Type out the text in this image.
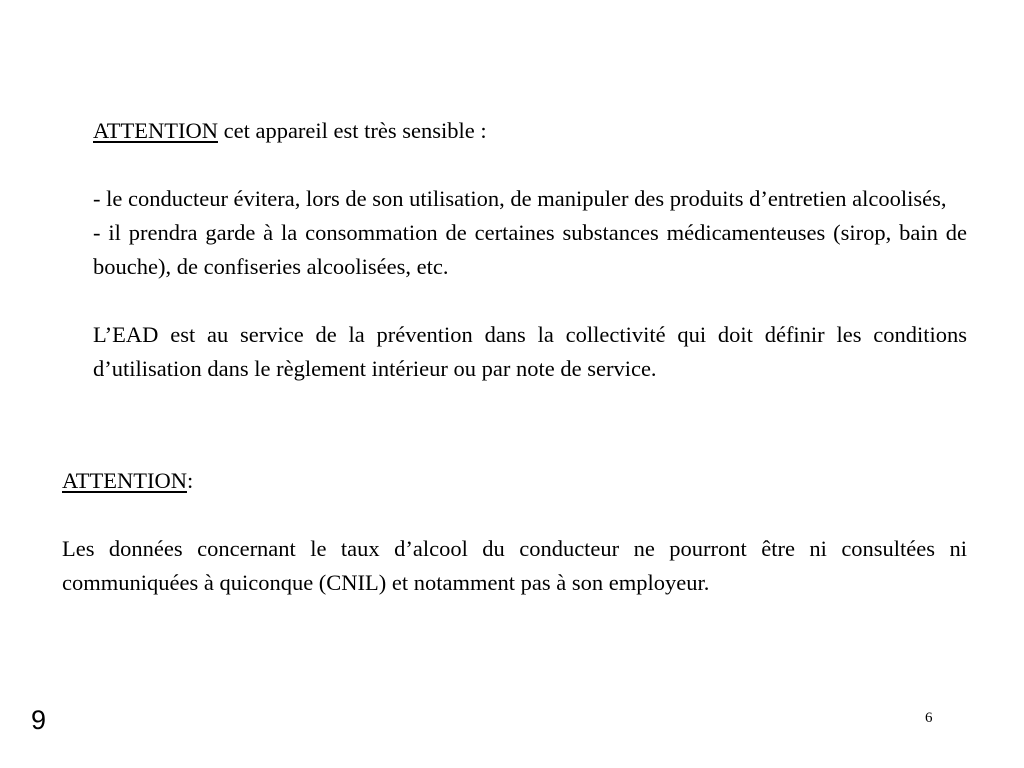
ATTENTION cet appareil est très sensible :

- le conducteur évitera, lors de son utilisation, de manipuler des produits d’entretien alcoolisés,

- il prendra garde à la consommation de certaines substances médicamenteuses (sirop, bain de bouche), de confiseries alcoolisées, etc.

L’EAD est au service de la prévention dans la collectivité qui doit définir les conditions d’utilisation dans le règlement intérieur ou par note de service.

ATTENTION:

Les données concernant le taux d’alcool du conducteur ne pourront être ni consultées ni communiquées à quiconque (CNIL) et notamment pas à son employeur.

9	6
